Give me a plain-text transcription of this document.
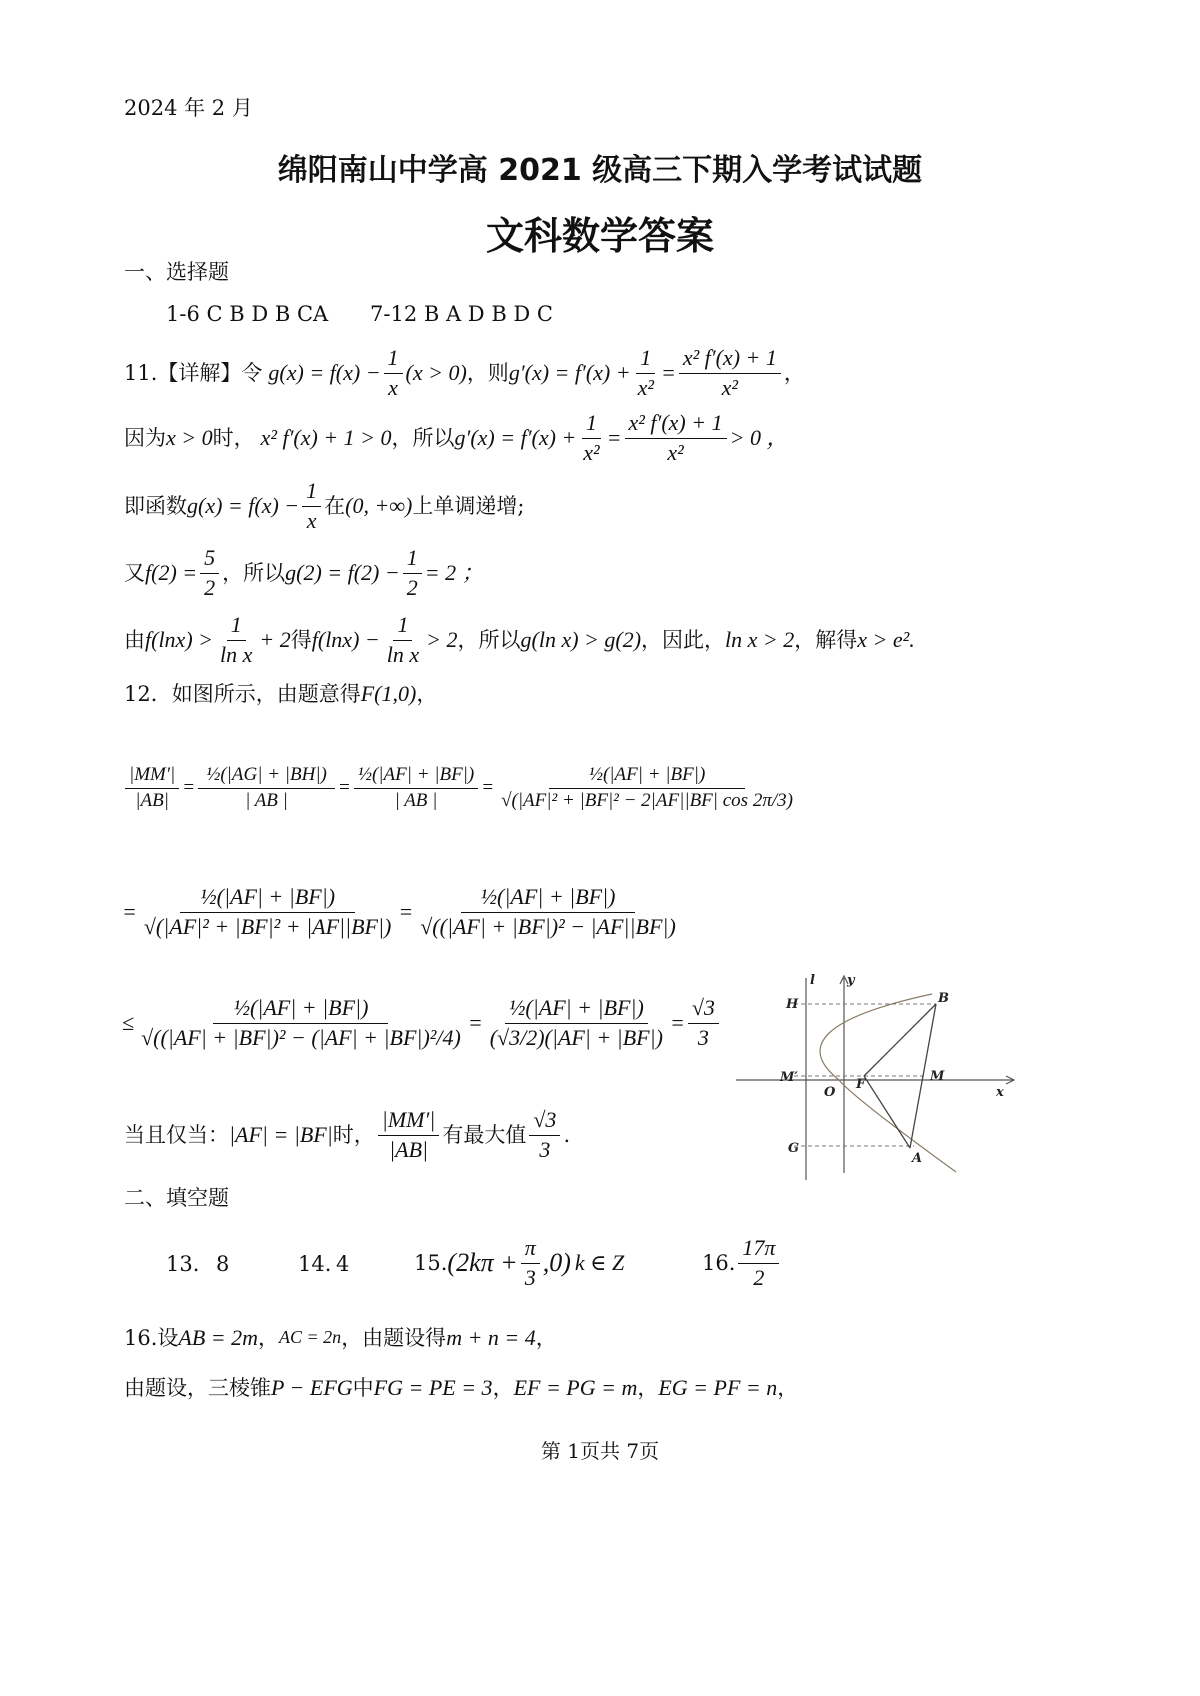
2024 年 2 月
绵阳南山中学高 2021 级高三下期入学考试试题
文科数学答案
一、选择题
1-6 C B D B CA 7-12 B A D B D C
11.【详解】令 $g(x) = f(x) - \frac{1}{x} (x > 0)$ ，则 $g'(x) = f'(x) + \frac{1}{\text{x²}} = \frac{\text{x² f′(x) + 1}}{\text{x²}}$ ，
因为 x > 0 时， x² f′(x) + 1 > 0 ，所以 $g'(x) = f'(x) + \frac{1}{\text{x²}} = \frac{\text{x² f′(x) + 1}}{\text{x²}} > 0$ ，
即函数 $g(x) = f(x) - \frac{1}{x}$ 在 (0, +∞) 上单调递增;
又 $f(2) = \frac{5}{2}$ ，所以 $g(2) = f(2) - \frac{1}{2} = 2$ ；
由 $f(\ln x) > \frac{1}{\text{ln x}} + 2$ 得 $f(\ln x) - \frac{1}{\text{ln x}} > 2$ ，所以 g(ln x) > g(2) ，因此， ln x > 2 ，解得 x > e².
12．如图所示，由题意得 F(1,0) ，
$\frac{|MM'|}{|AB|} = \frac{\text{½(|AG| + |BH|)}}{| AB |} = \frac{\text{½(|AF| + |BF|)}}{| AB |} = \frac{\text{½(|AF| + |BF|)}}{\text{√(|AF|² + |BF|² − 2|AF||BF| cos 2π/3)}}$
= $\frac{\text{½(|AF| + |BF|)}}{\text{√(|AF|² + |BF|² + |AF||BF|)}} = \frac{\text{½(|AF| + |BF|)}}{\text{√((|AF| + |BF|)² − |AF||BF|)}}$
≤ $\frac{\text{½(|AF| + |BF|)}}{\text{√((|AF| + |BF|)² − (|AF| + |BF|)²/4)}} = \frac{\text{½(|AF| + |BF|)}}{(√3/2)(|AF| + |BF|)} = \frac{√3}{3}$
当且仅当： |AF| = |BF| 时， $\frac{|MM'|}{|AB|}$ 有最大值 $\frac{√3}{3}$ .
l y
x
H	B
M′
O
F
M
G
A
二、填空题
13. 8	14. 4	15. $(2k\pi + \frac{\pi}{3} ,0)$ k ∈ Z	16. $\frac{17\pi}{2}$
16.设 AB = 2m ， AC = 2n ，由题设得 m + n = 4 ，
由题设，三棱锥 P − EFG 中 FG = PE = 3 ， EF = PG = m ， EG = PF = n ，
第 1页共 7页
